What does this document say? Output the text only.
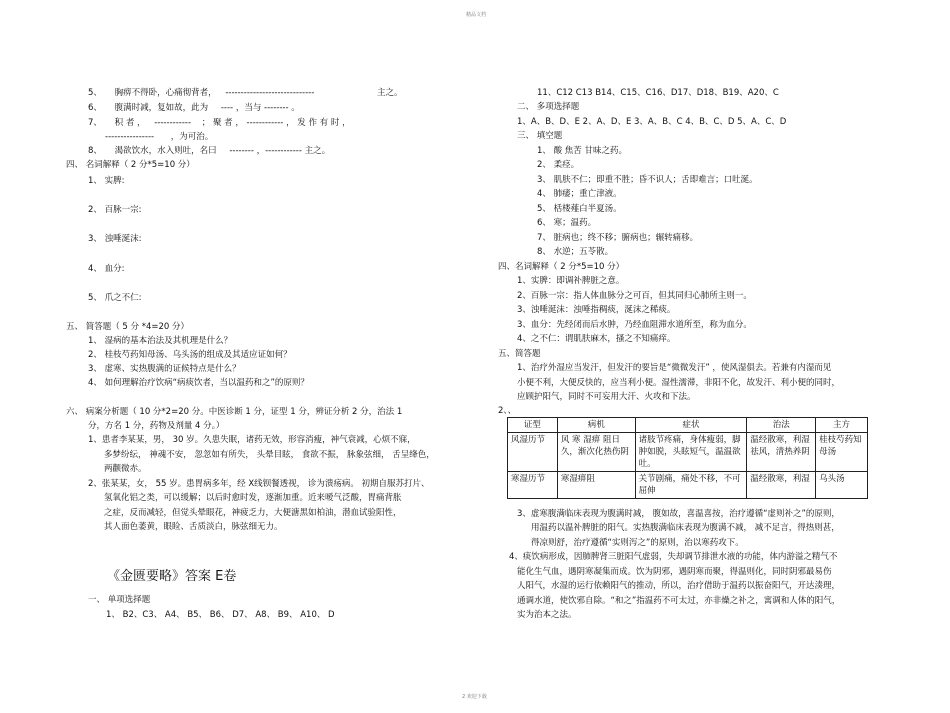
精品文档
2 欢迎下载
5、 胸痹不得卧，心痛彻背者， -----------------------------	主之。
6、 腹满时减，复如故，此为 ---- ，当与 -------- 。
7、 积 者 ， ------------ ； 聚 者 ， ------------ ， 发 作 有 时 ，
---------------- ，为可治。
8、 渴欲饮水，水入则吐，名曰 -------- ，------------ 主之。
四、 名词解释（ 2 分*5=10 分）
1、 实脾:
2、 百脉一宗:
3、 浊唾涎沫:
4、 血分:
5、 爪之不仁:
五、 简答题（ 5 分 *4=20 分）
1、 湿病的基本治法及其机理是什么？
2、 桂枝芍药知母汤、乌头汤的组成及其适应证如何？
3、 虚寒、实热腹满的证候特点是什么？
4、 如何理解治疗饮病“病痰饮者，当以温药和之”的原则？
六、 病案分析题（ 10 分*2=20 分。中医诊断 1 分，证型 1 分，辨证分析 2 分，治法 1
分，方名 1 分，药物及剂量 4 分。）
1、患者李某某，男， 30 岁。久患失眠，诸药无效，形容消瘦，神气衰减，心烦不寐，
多梦纷纭， 神魂不安， 忽忽如有所失， 头晕目眩， 食欲不振， 脉象弦细， 舌呈绛色，
两颧微赤。
2、张某某，女， 55 岁。患胃病多年，经 X线钡餐透视， 诊为溃疡病。 初期自服苏打片、
氢氧化铝之类，可以缓解；以后时愈时发，逐渐加重。近来嗳气泛酸，胃痛背胀
之症，反而减轻，但觉头晕眼花，神疲乏力，大便溏黑如柏油，潜血试验阳性，
其人面色萎黄，眼睑、舌质淡白，脉弦细无力。
《金匮要略》答案 E卷
一、 单项选择题
1、 B2、C3、 A4、 B5、 B6、 D7、 A8、 B9、 A10、 D
11、C12 C13 B14、C15、C16、D17、D18、B19、A20、C
二、 多项选择题
1、A、B、D、E 2、A、D、E 3、A、B、C 4、B、C、D 5、A、C、D
三、 填空题
1、 酸 焦苦 甘味之药。
2、 柔痉。
3、 肌肤不仁；即重不胜；昏不识人；舌即难言；口吐涎。
4、 肺痿；重亡津液。
5、 栝楼薤白半夏汤。
6、 寒；温药。
7、 脏病也；终不移；腑病也；辗转痛移。
8、 水逆；五苓散。
四、名词解释（ 2 分*5=10 分）
1、实脾：即调补脾脏之意。
2、百脉一宗：指人体血脉分之可百，但其同归心肺所主则一。
3、浊唾涎沫：浊唾指稠痰，涎沫之稀痰。
3、血分：先经闭而后水肿，乃经血阻滞水道所至，称为血分。
4、之不仁：谓肌肤麻木，搔之不知痛痒。
五、简答题
1、治疗外湿应当发汗，但发汗的要旨是“微微发汗” ，使风湿俱去。若兼有内湿而见
小便不利，大便反快的，应当利小便。湿性濡滞，非阳不化，故发汗、利小便的同时，
应顾护阳气，同时不可妄用大汗、火攻和下法。
2、、
证型	病机	症状	治法	主方
风湿历节	风 寒 湿痹 阻日久，渐次化热伤阴	诸肢节疼痛，身体瘦弱，脚肿如脱，头眩短气，温温欲吐。	温经散寒，利湿祛风，清热养阴	桂枝芍药知母汤
寒湿历节	寒湿痹阻	关节剧痛，痛处不移，不可屈伸	温经散寒，利湿	乌头汤
3、虚寒腹满临床表现为腹满时减， 腹如故，喜温喜按，治疗遵循“虚则补之”的原则，
用温药以温补脾脏的阳气。实热腹满临床表现为腹满不减， 减不足言，得热则甚，
得凉则舒，治疗遵循“实则泻之”的原则，治以寒药攻下。
4、痰饮病形成，因肺脾肾三脏阳气虚弱，失却调节排泄水液的功能，体内游溢之精气不
能化生气血，遇阴寒凝集而成。饮为阴邪，遇阴寒而聚，得温则化，同时阴邪最易伤
人阳气，水湿的运行依赖阳气的推动，所以，治疗借助于温药以振奋阳气，开达湊理，
通调水道，使饮邪自除。“和之”指温药不可太过，亦非燥之补之，寓调和人体的阳气，
实为治本之法。
